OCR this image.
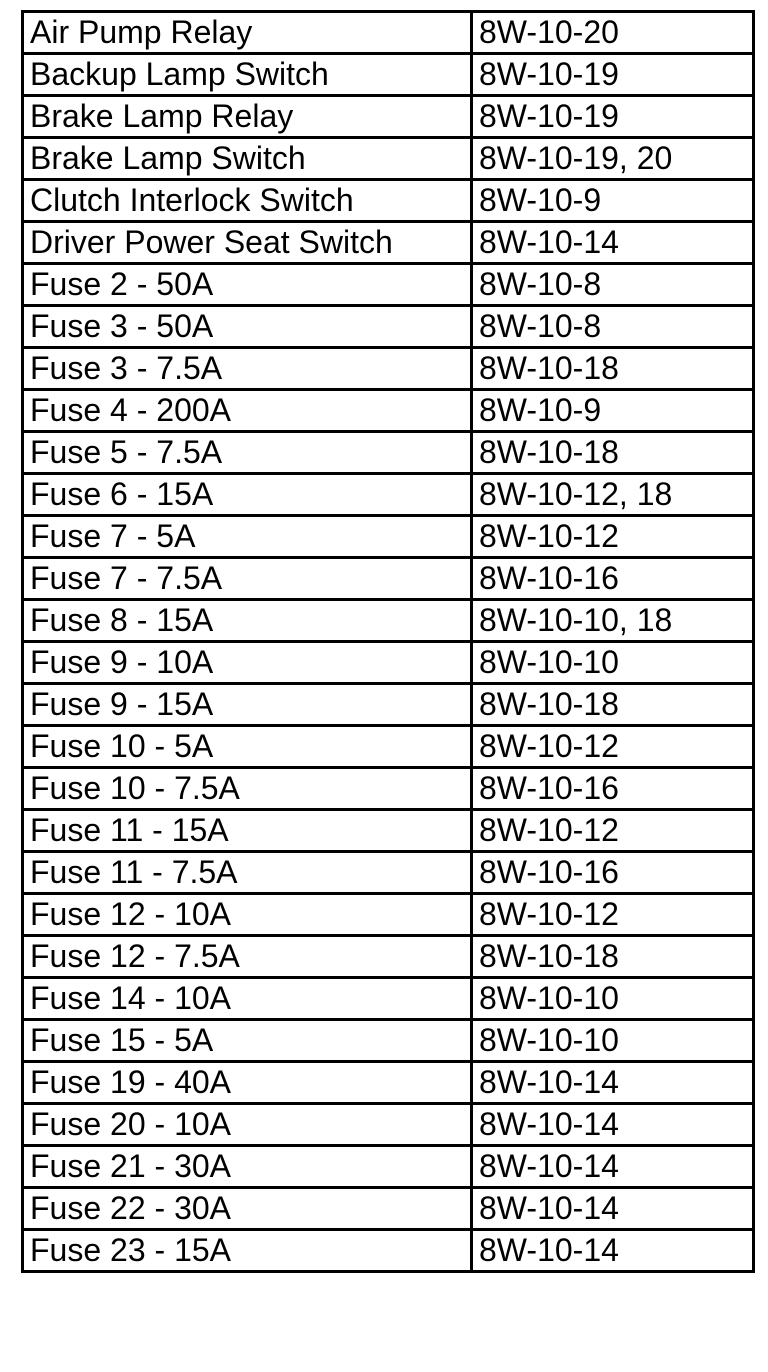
Air Pump Relay	8W-10-20
Backup Lamp Switch	8W-10-19
Brake Lamp Relay	8W-10-19
Brake Lamp Switch	8W-10-19, 20
Clutch Interlock Switch	8W-10-9
Driver Power Seat Switch	8W-10-14
Fuse 2 - 50A	8W-10-8
Fuse 3 - 50A	8W-10-8
Fuse 3 - 7.5A	8W-10-18
Fuse 4 - 200A	8W-10-9
Fuse 5 - 7.5A	8W-10-18
Fuse 6 - 15A	8W-10-12, 18
Fuse 7 - 5A	8W-10-12
Fuse 7 - 7.5A	8W-10-16
Fuse 8 - 15A	8W-10-10, 18
Fuse 9 - 10A	8W-10-10
Fuse 9 - 15A	8W-10-18
Fuse 10 - 5A	8W-10-12
Fuse 10 - 7.5A	8W-10-16
Fuse 11 - 15A	8W-10-12
Fuse 11 - 7.5A	8W-10-16
Fuse 12 - 10A	8W-10-12
Fuse 12 - 7.5A	8W-10-18
Fuse 14 - 10A	8W-10-10
Fuse 15 - 5A	8W-10-10
Fuse 19 - 40A	8W-10-14
Fuse 20 - 10A	8W-10-14
Fuse 21 - 30A	8W-10-14
Fuse 22 - 30A	8W-10-14
Fuse 23 - 15A	8W-10-14
